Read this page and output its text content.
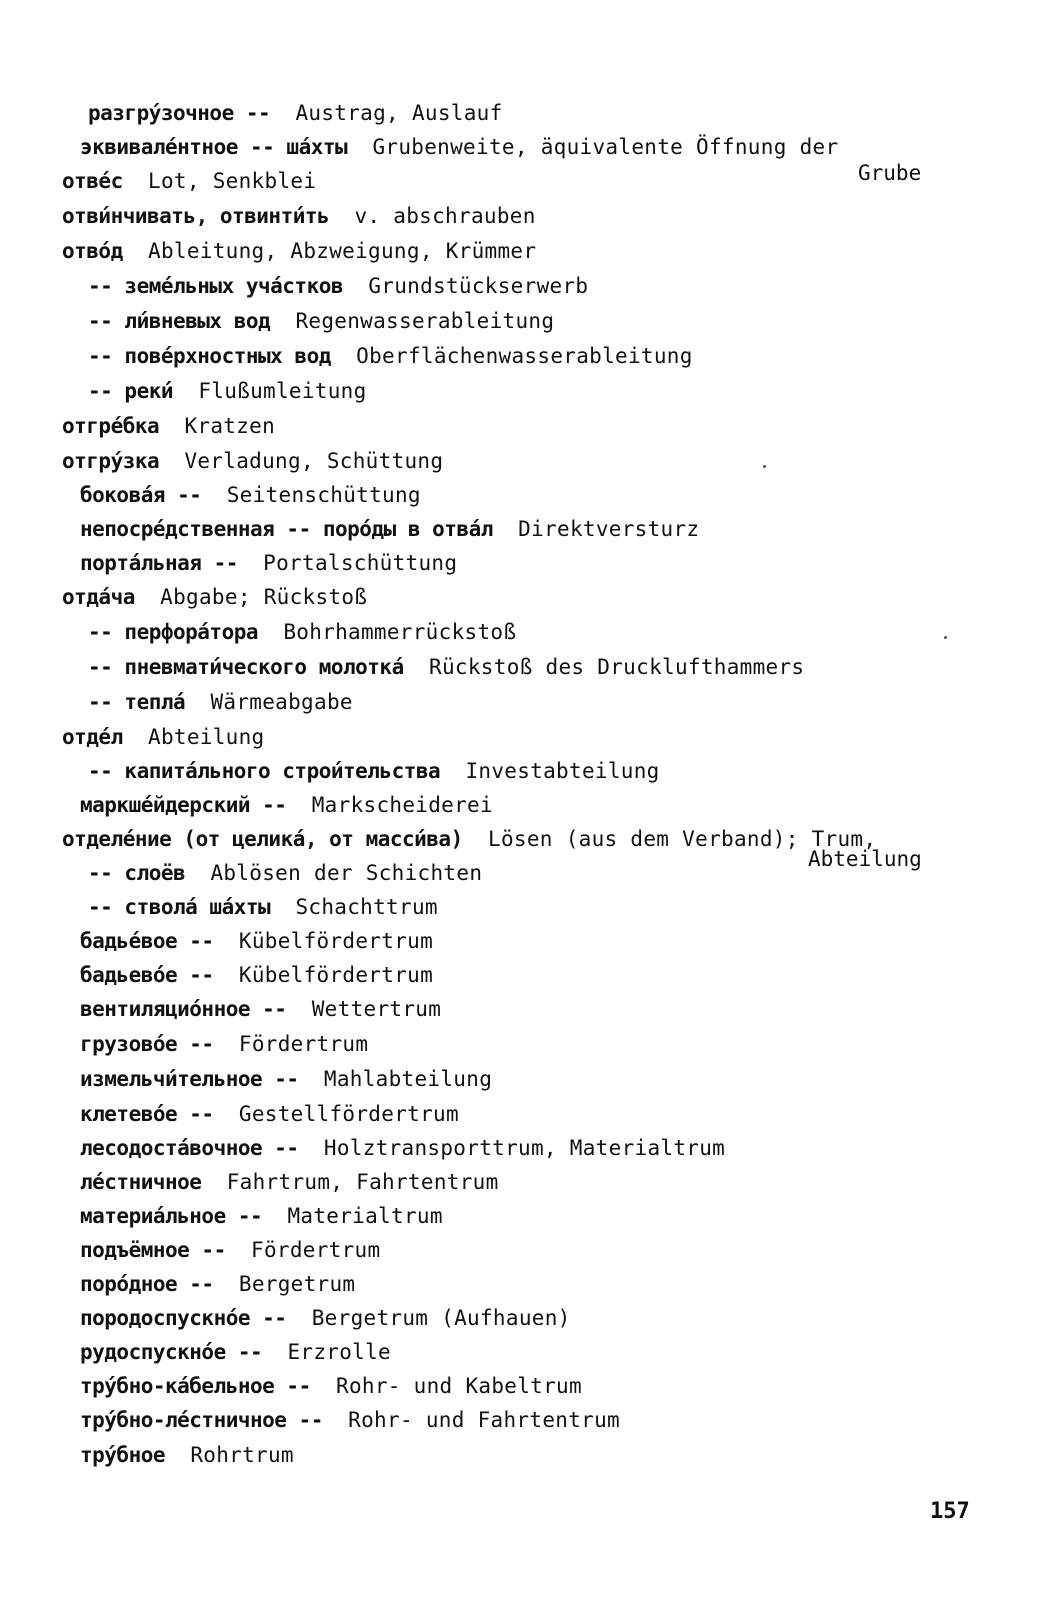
разгру́зочное -- Austrag, Auslauf
эквивале́нтное -- ша́хты Grubenweite, äquivalente Öffnung der
отве́с Lot, Senkblei
отви́нчивать, отвинти́ть v. abschrauben
отво́д Ableitung, Abzweigung, Krümmer
-- земе́льных уча́стков Grundstückserwerb
-- ли́вневых вод Regenwasserableitung
-- пове́рхностных вод Oberflächenwasserableitung
-- реки́ Flußumleitung
отгре́бка Kratzen
отгру́зка Verladung, Schüttung
бокова́я -- Seitenschüttung
непосре́дственная -- поро́ды в отва́л Direktversturz
порта́льная -- Portalschüttung
отда́ча Abgabe; Rückstoß
-- перфора́тора Bohrhammerrückstoß
-- пневмати́ческого молотка́ Rückstoß des Drucklufthammers
-- тепла́ Wärmeabgabe
отде́л Abteilung
-- капита́льного строи́тельства Investabteilung
маркше́йдерский -- Markscheiderei
отделе́ние (от целика́, от масси́ва) Lösen (aus dem Verband); Trum,
-- слоёв Ablösen der Schichten
-- ствола́ ша́хты Schachttrum
бадье́вое -- Kübelfördertrum
бадьево́е -- Kübelfördertrum
вентиляцио́нное -- Wettertrum
грузово́е -- Fördertrum
измельчи́тельное -- Mahlabteilung
клетево́е -- Gestellfördertrum
лесодоста́вочное -- Holztransporttrum, Materialtrum
ле́стничное Fahrtrum, Fahrtentrum
материа́льное -- Materialtrum
подъёмное -- Fördertrum
поро́дное -- Bergetrum
породоспускно́е -- Bergetrum (Aufhauen)
рудоспускно́е -- Erzrolle
тру́бно-ка́бельное -- Rohr- und Kabeltrum
тру́бно-ле́стничное -- Rohr- und Fahrtentrum
тру́бное Rohrtrum
Grube
Abteilung
157
